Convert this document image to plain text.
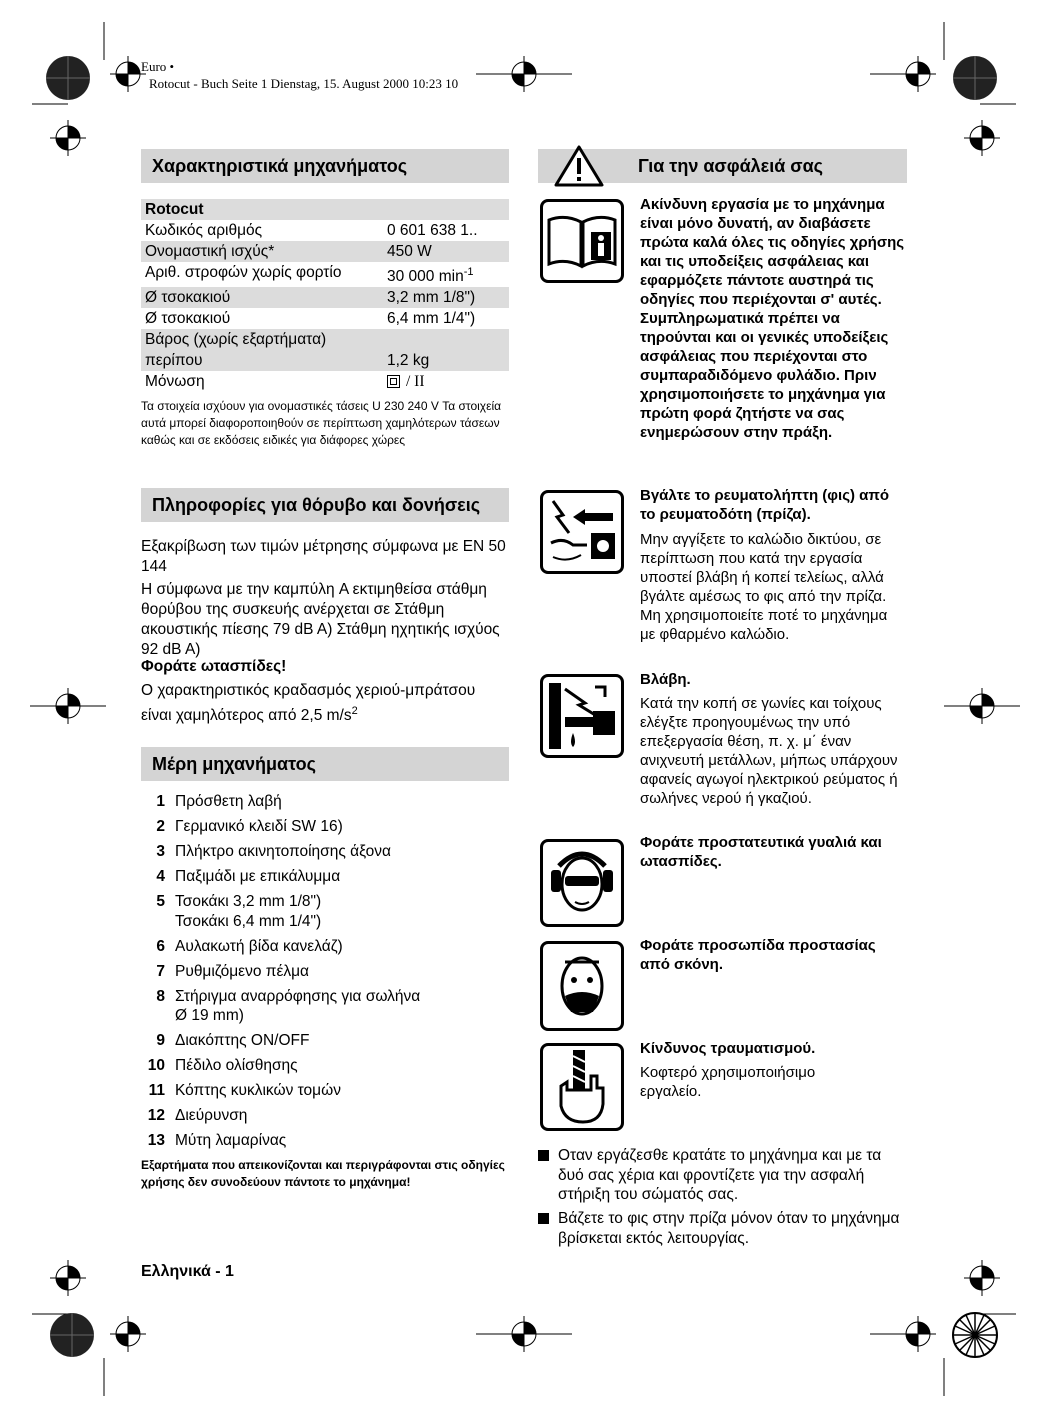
Euro •
Rotocut - Buch Seite 1 Dienstag, 15. August 2000 10:23 10
Χαρακτηριστικά μηχανήματος
Rotocut
Κωδικός αριθμός	0 601 638 1..
Ονομαστική ισχύς*	450 W
Αριθ. στροφών χωρίς φορτίο	30 000 $\min^{-1}$
Ø τσοκακιού	3,2 mm 1/8")
Ø τσοκακιού	6,4 mm 1/4")
Βάρος (χωρίς εξαρτήματα)
περίπου	1,2 kg
Μόνωση	/ II
Τα στοιχεία ισχύουν για ονομαστικές τάσεις U 230 240 V Τα στοιχεία αυτά μπορεί διαφοροποιηθούν σε περίπτωση χαμηλότερων τάσεων καθώς και σε εκδόσεις ειδικές για διάφορες χώρες
Πληροφορίες για θόρυβο και δονήσεις
Εξακρίβωση των τιμών μέτρησης σύμφωνα με EN 50 144
Η σύμφωνα με την καμπύλη A εκτιμηθείσα στάθμη θορύβου της συσκευής ανέρχεται σε Στάθμη ακουστικής πίεσης 79 dB A) Στάθμη ηχητικής ισχύος 92 dB A)
Φοράτε ωτασπίδες!
Ο χαρακτηριστικός κραδασμός χεριού-μπράτσου είναι χαμηλότερος από 2,5 $m/s^2$
Μέρη μηχανήματος
1 Πρόσθετη λαβή
2 Γερμανικό κλειδί SW 16)
3 Πλήκτρο ακινητοποίησης άξονα
4 Παξιμάδι με επικάλυμμα
5 Τσοκάκι 3,2 mm 1/8")
Τσοκάκι 6,4 mm 1/4")
6 Αυλακωτή βίδα κανελάζ)
7 Ρυθμιζόμενο πέλμα
8 Στήριγμα αναρρόφησης για σωλήνα
Ø 19 mm)
9 Διακόπτης ON/OFF
10 Πέδιλο ολίσθησης
11 Κόπτης κυκλικών τομών
12 Διεύρυνση
13 Μύτη λαμαρίνας
Εξαρτήματα που απεικονίζονται και περιγράφονται στις οδηγίες χρήσης δεν συνοδεύουν πάντοτε το μηχάνημα!
Ελληνικά - 1
Για την ασφάλειά σας
Ακίνδυνη εργασία με το μηχάνημα είναι μόνο δυνατή, αν διαβάσετε πρώτα καλά όλες τις οδηγίες χρήσης και τις υποδείξεις ασφάλειας και εφαρμόζετε πάντοτε αυστηρά τις οδηγίες που περιέχονται σ' αυτές. Συμπληρωματικά πρέπει να τηρούνται και οι γενικές υποδείξεις ασφάλειας που περιέχονται στο συμπαραδιδόμενο φυλάδιο. Πριν χρησιμοποιήσετε το μηχάνημα για πρώτη φορά ζητήστε να σας ενημερώσουν στην πράξη.
Βγάλτε το ρευματολήπτη (φις) από το ρευματοδότη (πρίζα).
Μην αγγίξετε το καλώδιο δικτύου, σε περίπτωση που κατά την εργασία υποστεί βλάβη ή κοπεί τελείως, αλλά βγάλτε αμέσως το φις από την πρίζα. Μη χρησιμοποιείτε ποτέ το μηχάνημα με φθαρμένο καλώδιο.
Βλάβη.
Κατά την κοπή σε γωνίες και τοίχους ελέγξτε προηγουμένως την υπό επεξεργασία θέση, π. χ. μ΄ έναν ανιχνευτή μετάλλων, μήπως υπάρχουν αφανείς αγωγοί ηλεκτρικού ρεύματος ή σωλήνες νερού ή γκαζιού.
Φοράτε προστατευτικά γυαλιά και ωτασπίδες.
Φοράτε προσωπίδα προστασίας από σκόνη.
Κίνδυνος τραυματισμού.
Κοφτερό χρησιμοποιήσιμο εργαλείο.
Οταν εργάζεσθε κρατάτε το μηχάνημα και με τα δυό σας χέρια και φροντίζετε για την ασφαλή στήριξη του σώματός σας.
Βάζετε το φις στην πρίζα μόνον όταν το μηχάνημα βρίσκεται εκτός λειτουργίας.
